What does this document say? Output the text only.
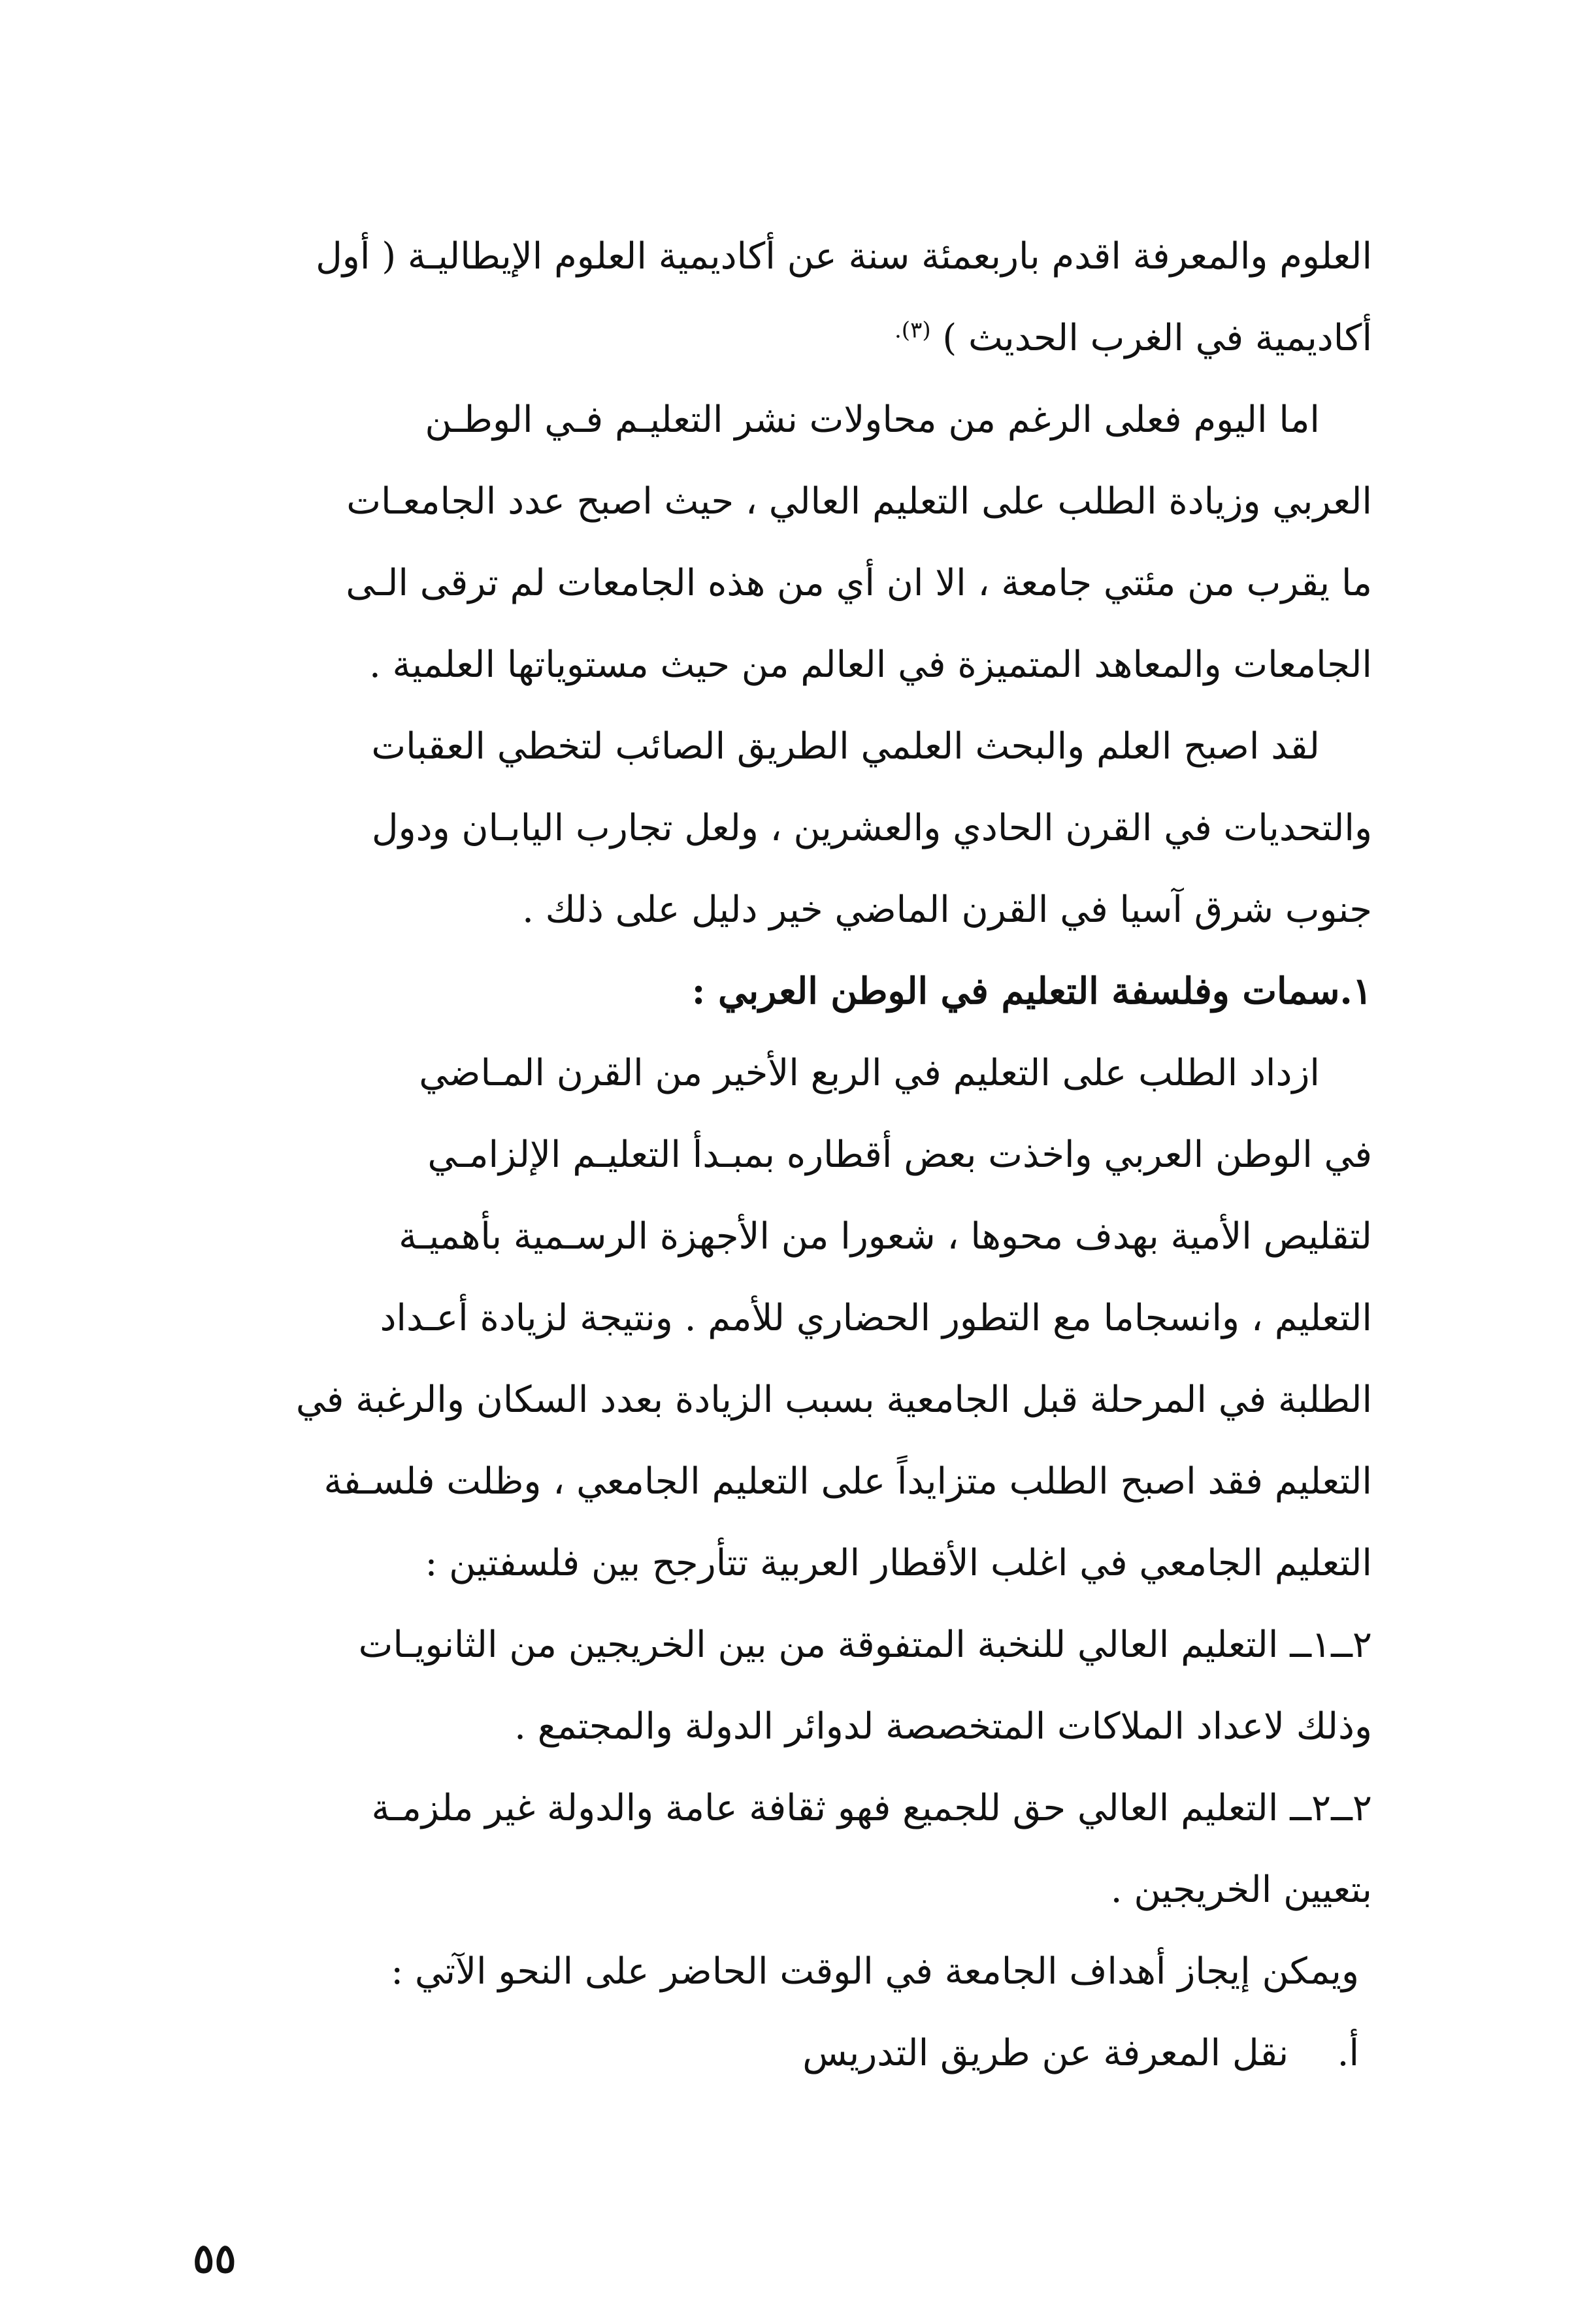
العلوم والمعرفة اقدم باربعمئة سنة عن أكاديمية العلوم الإيطاليـة ( أول
أكاديمية في الغرب الحديث ) $^{(٣).}$
اما اليوم فعلى الرغم من محاولات نشر التعليـم فـي الوطـن
العربي وزيادة الطلب على التعليم العالي ، حيث اصبح عدد الجامعـات
ما يقرب من مئتي جامعة ، الا ان أي من هذه الجامعات لم ترقى الـى
الجامعات والمعاهد المتميزة في العالم من حيث مستوياتها العلمية .
لقد اصبح العلم والبحث العلمي الطريق الصائب لتخطي العقبات
والتحديات في القرن الحادي والعشرين ، ولعل تجارب اليابـان ودول
جنوب شرق آسيا في القرن الماضي خير دليل على ذلك .
١.سمات وفلسفة التعليم في الوطن العربي :
ازداد الطلب على التعليم في الربع الأخير من القرن المـاضي
في الوطن العربي واخذت بعض أقطاره بمبـدأ التعليـم الإلزامـي
لتقليص الأمية بهدف محوها ، شعورا من الأجهزة الرسـمية بأهميـة
التعليم ، وانسجاما مع التطور الحضاري للأمم . ونتيجة لزيادة أعـداد
الطلبة في المرحلة قبل الجامعية بسبب الزيادة بعدد السكان والرغبة في
التعليم فقد اصبح الطلب متزايداً على التعليم الجامعي ، وظلت فلسـفة
التعليم الجامعي في اغلب الأقطار العربية تتأرجح بين فلسفتين :
٢ــ١ــ التعليم العالي للنخبة المتفوقة من بين الخريجين من الثانويـات
وذلك لاعداد الملاكات المتخصصة لدوائر الدولة والمجتمع .
٢ــ٢ــ التعليم العالي حق للجميع فهو ثقافة عامة والدولة غير ملزمـة
بتعيين الخريجين .
ويمكن إيجاز أهداف الجامعة في الوقت الحاضر على النحو الآتي :
أ. نقل المعرفة عن طريق التدريس
٥٥
